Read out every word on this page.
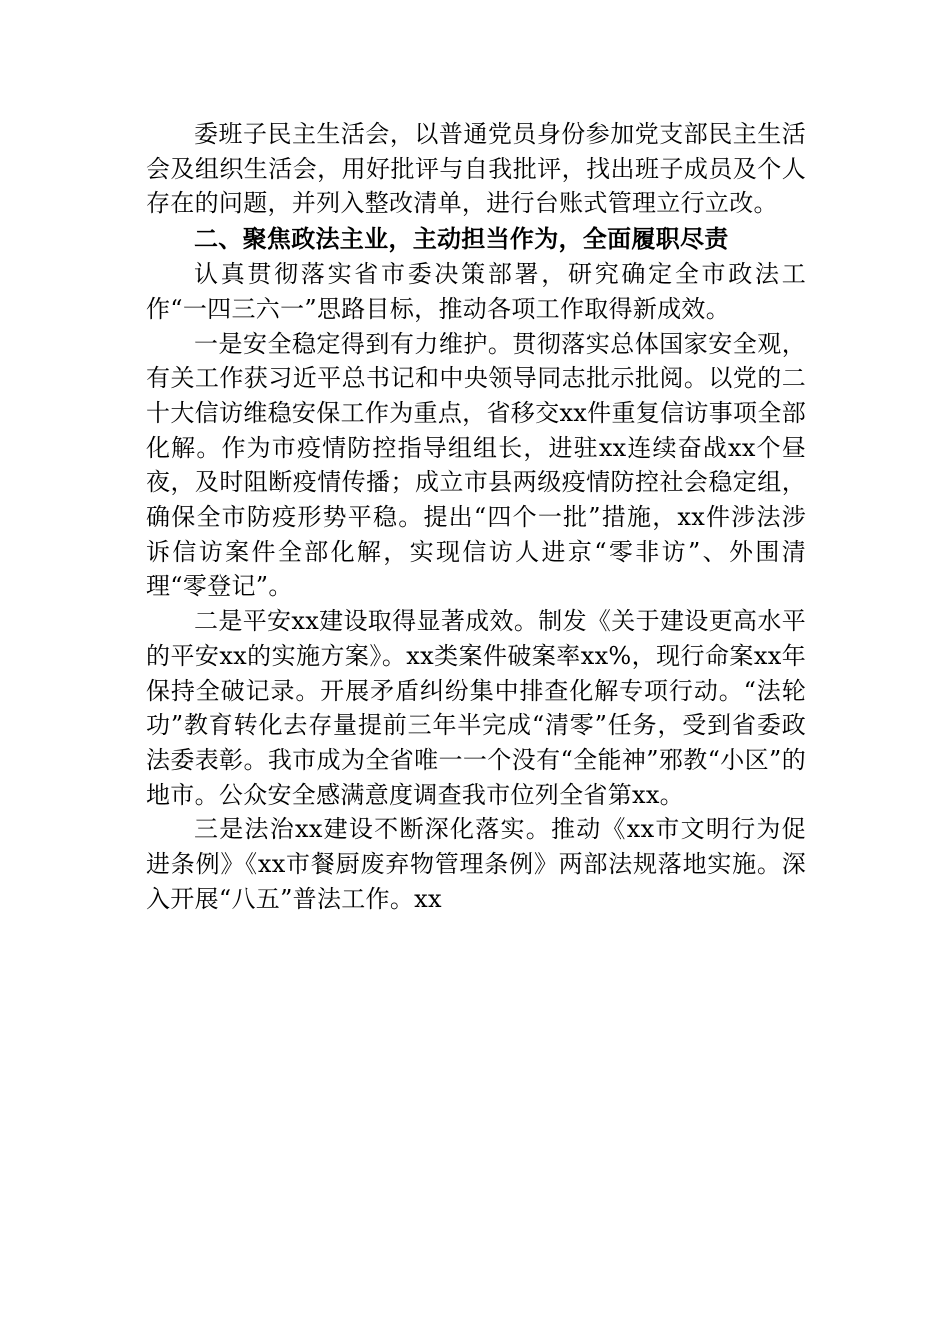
委班子民主生活会，以普通党员身份参加党支部民主生活会及组织生活会，用好批评与自我批评，找出班子成员及个人存在的问题，并列入整改清单，进行台账式管理立行立改。

二、聚焦政法主业，主动担当作为，全面履职尽责

认真贯彻落实省市委决策部署，研究确定全市政法工作“一四三六一”思路目标，推动各项工作取得新成效。

一是安全稳定得到有力维护。贯彻落实总体国家安全观，有关工作获习近平总书记和中央领导同志批示批阅。以党的二十大信访维稳安保工作为重点，省移交xx件重复信访事项全部化解。作为市疫情防控指导组组长，进驻xx连续奋战xx个昼夜，及时阻断疫情传播；成立市县两级疫情防控社会稳定组，确保全市防疫形势平稳。提出“四个一批”措施，xx件涉法涉诉信访案件全部化解，实现信访人进京“零非访”、外围清理“零登记”。

二是平安xx建设取得显著成效。制发《关于建设更高水平的平安xx的实施方案》。xx类案件破案率xx%，现行命案xx年保持全破记录。开展矛盾纠纷集中排查化解专项行动。“法轮功”教育转化去存量提前三年半完成“清零”任务，受到省委政法委表彰。我市成为全省唯一一个没有“全能神”邪教“小区”的地市。公众安全感满意度调查我市位列全省第xx。

三是法治xx建设不断深化落实。推动《xx市文明行为促进条例》《xx市餐厨废弃物管理条例》两部法规落地实施。深入开展“八五”普法工作。xx
